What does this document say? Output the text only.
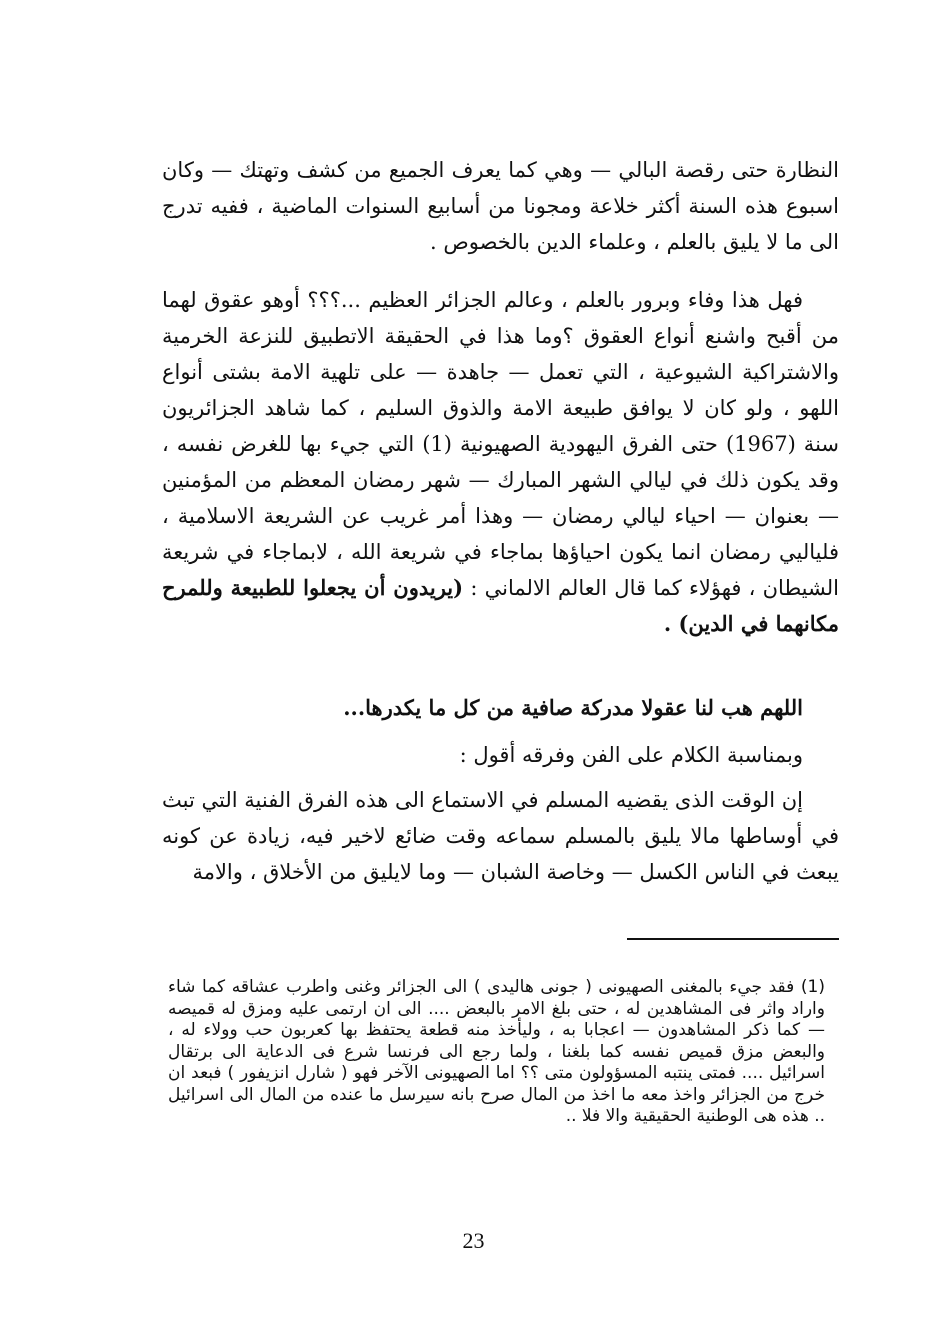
النظارة حتى رقصة البالي — وهي كما يعرف الجميع من كشف وتهتك — وكان اسبوع هذه السنة أكثر خلاعة ومجونا من أسابيع السنوات الماضية ، ففيه تدرج الى ما لا يليق بالعلم ، وعلماء الدين بالخصوص .

فهل هذا وفاء وبرور بالعلم ، وعالم الجزائر العظيم ...؟؟؟ أوهو عقوق لهما من أقبح واشنع أنواع العقوق ؟وما هذا في الحقيقة الاتطبيق للنزعة الخرمية والاشتراكية الشيوعية ، التي تعمل — جاهدة — على تلهية الامة بشتى أنواع اللهو ، ولو كان لا يوافق طبيعة الامة والذوق السليم ، كما شاهد الجزائريون سنة (1967) حتى الفرق اليهودية الصهيونية (1) التي جيء بها للغرض نفسه ، وقد يكون ذلك في ليالي الشهر المبارك — شهر رمضان المعظم من المؤمنين — بعنوان — احياء ليالي رمضان — وهذا أمر غريب عن الشريعة الاسلامية ، فلياليي رمضان انما يكون احياؤها بماجاء في شريعة الله ، لابماجاء في شريعة الشيطان ، فهؤلاء كما قال العالم الالماني : (يريدون أن يجعلوا للطبيعة وللمرح مكانهما في الدين) .

اللهم هب لنا عقولا مدركة صافية من كل ما يكدرها...

وبمناسبة الكلام على الفن وفرقه أقول :

إن الوقت الذى يقضيه المسلم في الاستماع الى هذه الفرق الفنية التي تبث في أوساطها مالا يليق بالمسلم سماعه وقت ضائع لاخير فيه، زيادة عن كونه يبعث في الناس الكسل — وخاصة الشبان — وما لايليق من الأخلاق ، والامة

(1) فقد جيء بالمغنى الصهيونى ( جونى هاليدى ) الى الجزائر وغنى واطرب عشاقه كما شاء واراد واثر فى المشاهدين له ، حتى بلغ الامر بالبعض .... الى ان ارتمى عليه ومزق له قميصه — كما ذكر المشاهدون — اعجابا به ، وليأخذ منه قطعة يحتفظ بها كعربون حب وولاء له ، والبعض مزق قميص نفسه كما بلغنا ، ولما رجع الى فرنسا شرع فى الدعاية الى برتقال اسرائيل .... فمتى ينتبه المسؤولون متى ؟؟ اما الصهيونى الآخر فهو ( شارل انزيفور ) فبعد ان خرج من الجزائر واخذ معه ما اخذ من المال صرح بانه سيرسل ما عنده من المال الى اسرائيل .. هذه هى الوطنية الحقيقية والا فلا ..

23
